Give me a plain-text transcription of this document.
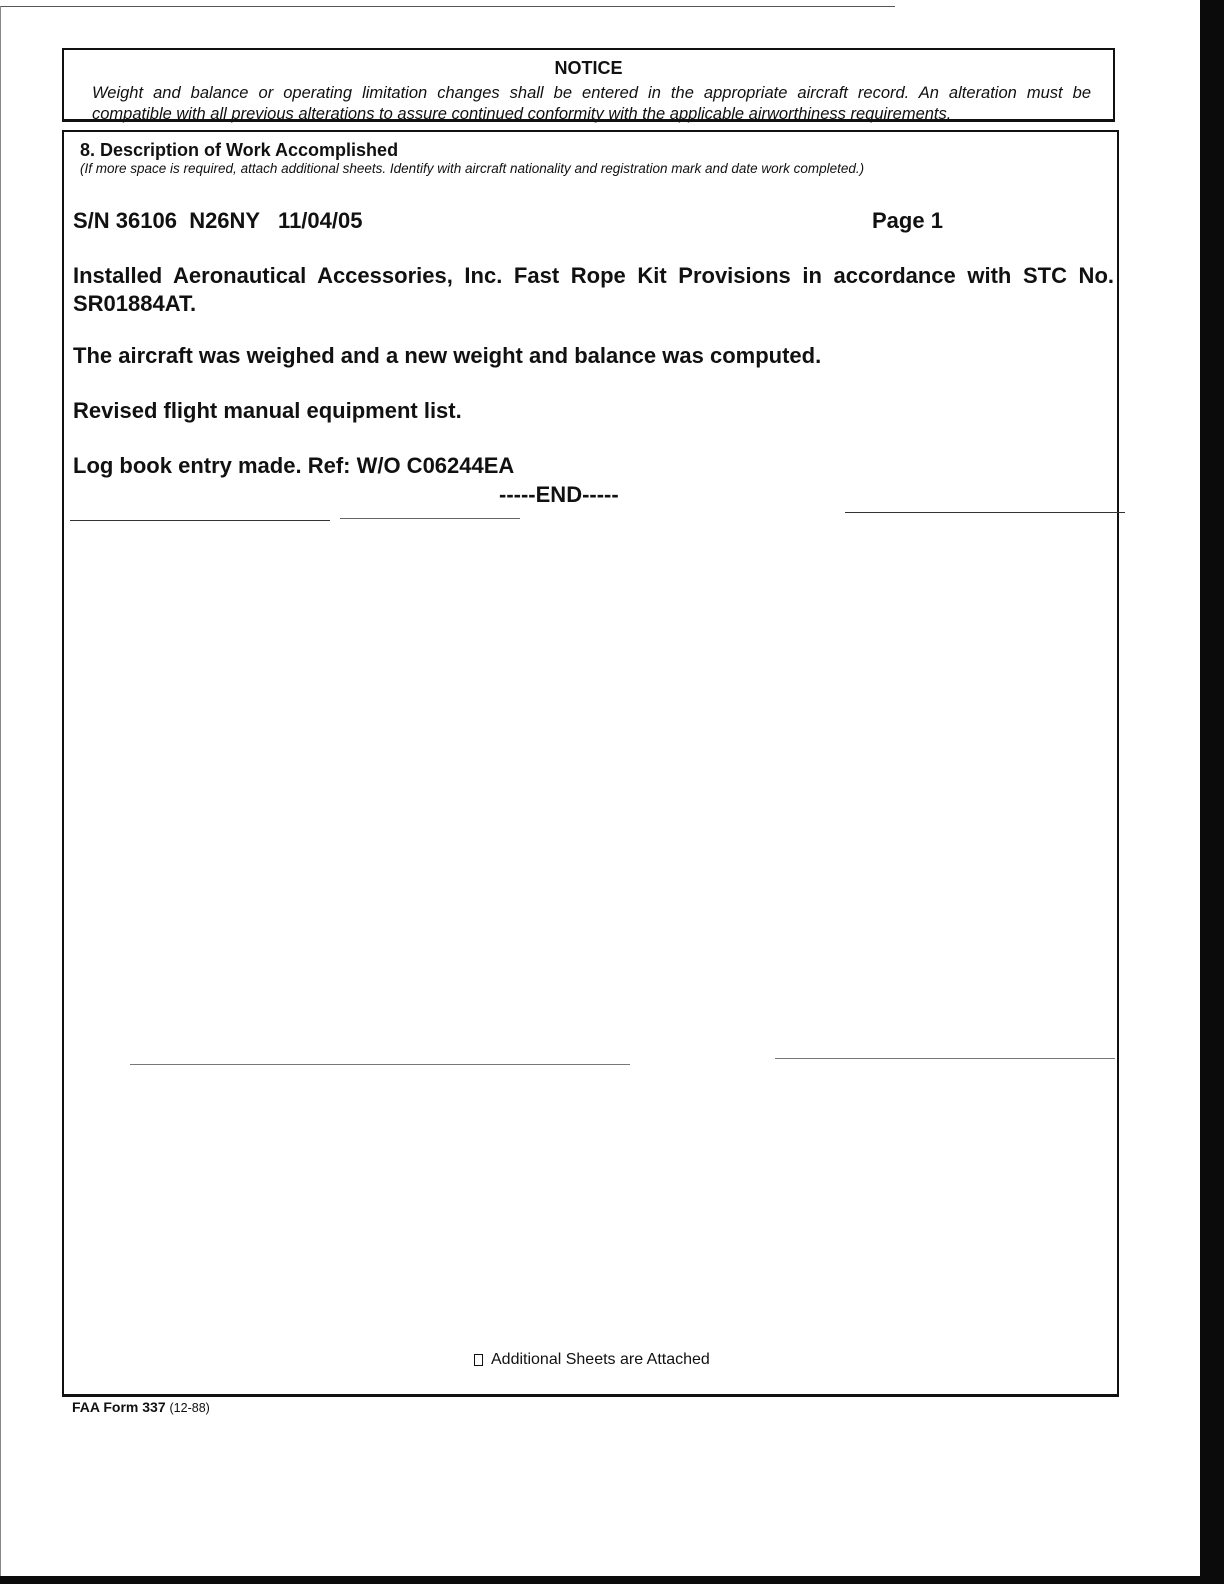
NOTICE
Weight and balance or operating limitation changes shall be entered in the appropriate aircraft record. An alteration must be
compatible with all previous alterations to assure continued conformity with the applicable airworthiness requirements.
8. Description of Work Accomplished
(If more space is required, attach additional sheets. Identify with aircraft nationality and registration mark and date work completed.)
S/N 36106  N26NY   11/04/05	Page 1
Installed Aeronautical Accessories, Inc. Fast Rope Kit Provisions in accordance with STC No. SR01884AT.
The aircraft was weighed and a new weight and balance was computed.
Revised flight manual equipment list.
Log book entry made. Ref: W/O C06244EA
-----END-----
Additional Sheets are Attached
FAA Form 337 (12-88)
